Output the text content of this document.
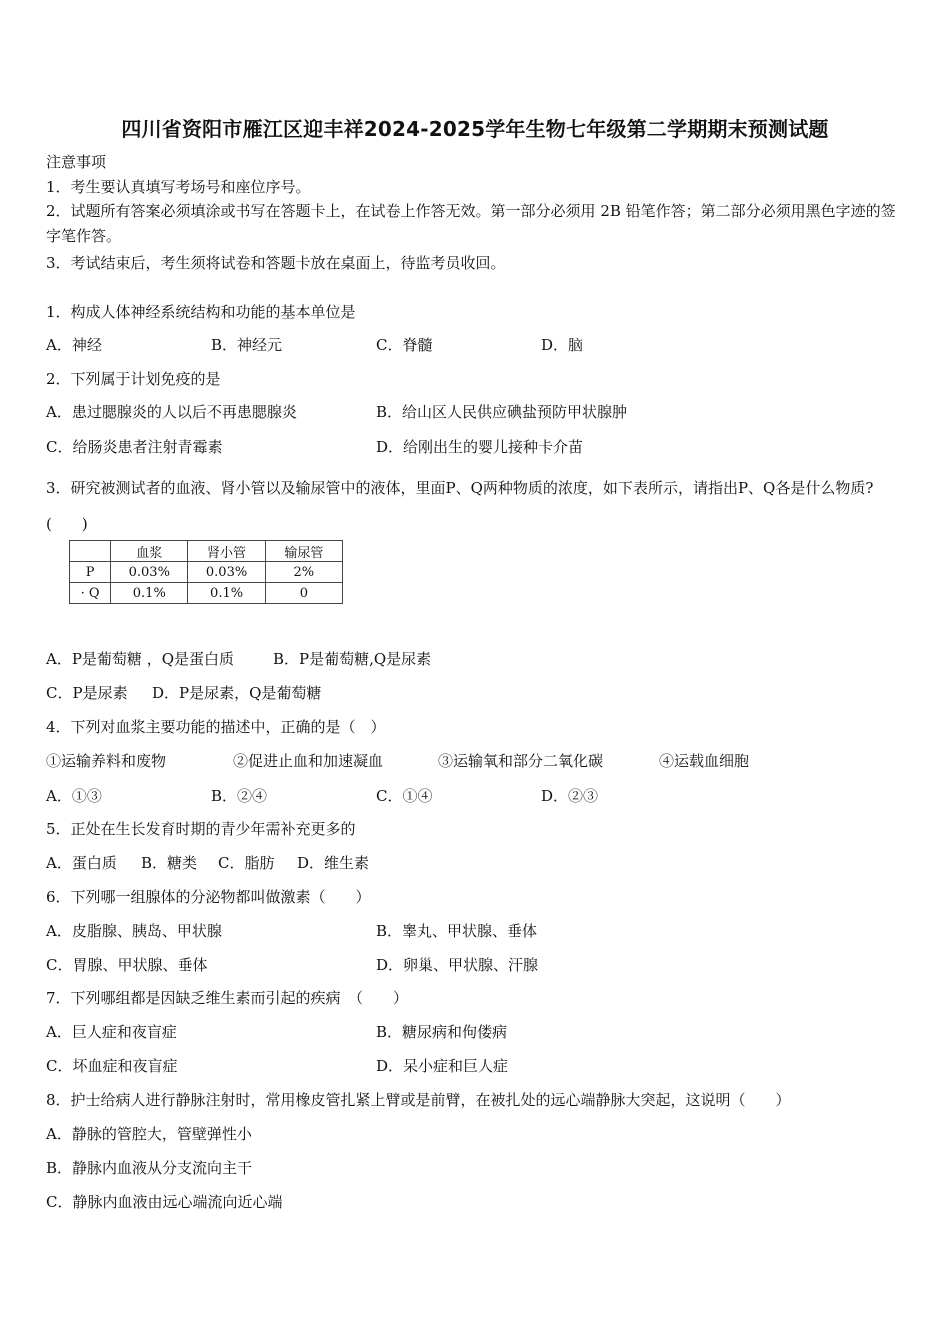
四川省资阳市雁江区迎丰祥2024-2025学年生物七年级第二学期期末预测试题
注意事项
1．考生要认真填写考场号和座位序号。
2．试题所有答案必须填涂或书写在答题卡上，在试卷上作答无效。第一部分必须用 2B 铅笔作答；第二部分必须用黑色字迹的签字笔作答。
3．考试结束后，考生须将试卷和答题卡放在桌面上，待监考员收回。
1．构成人体神经系统结构和功能的基本单位是
A．神经	B．神经元	C．脊髓	D．脑
2．下列属于计划免疫的是
A．患过腮腺炎的人以后不再患腮腺炎	B．给山区人民供应碘盐预防甲状腺肿
C．给肠炎患者注射青霉素	D．给刚出生的婴儿接种卡介苗
3．研究被测试者的血液、肾小管以及输尿管中的液体，里面P、Q两种物质的浓度，如下表所示，请指出P、Q各是什么物质?(　　)
	血浆	肾小管	输尿管
P	0.03%	0.03%	2%
· Q	0.1%	0.1%	0
A．P是葡萄糖 ，Q是蛋白质	B．P是葡萄糖,Q是尿素
C．P是尿素 D．P是尿素，Q是葡萄糖
4．下列对血浆主要功能的描述中，正确的是（　）
①运输养料和废物	②促进止血和加速凝血	③运输氧和部分二氧化碳	④运载血细胞
A．①③	B．②④	C．①④	D．②③
5．正处在生长发育时期的青少年需补充更多的
A．蛋白质 B．糖类 C．脂肪 D．维生素
6．下列哪一组腺体的分泌物都叫做激素（　　）
A．皮脂腺、胰岛、甲状腺	B．睾丸、甲状腺、垂体
C．胃腺、甲状腺、垂体	D．卵巢、甲状腺、汗腺
7．下列哪组都是因缺乏维生素而引起的疾病　（　　）
A．巨人症和夜盲症	B．糖尿病和佝偻病
C．坏血症和夜盲症	D．呆小症和巨人症
8．护士给病人进行静脉注射时，常用橡皮管扎紧上臂或是前臂，在被扎处的远心端静脉大突起，这说明（　　）
A．静脉的管腔大，管壁弹性小
B．静脉内血液从分支流向主干
C．静脉内血液由远心端流向近心端
